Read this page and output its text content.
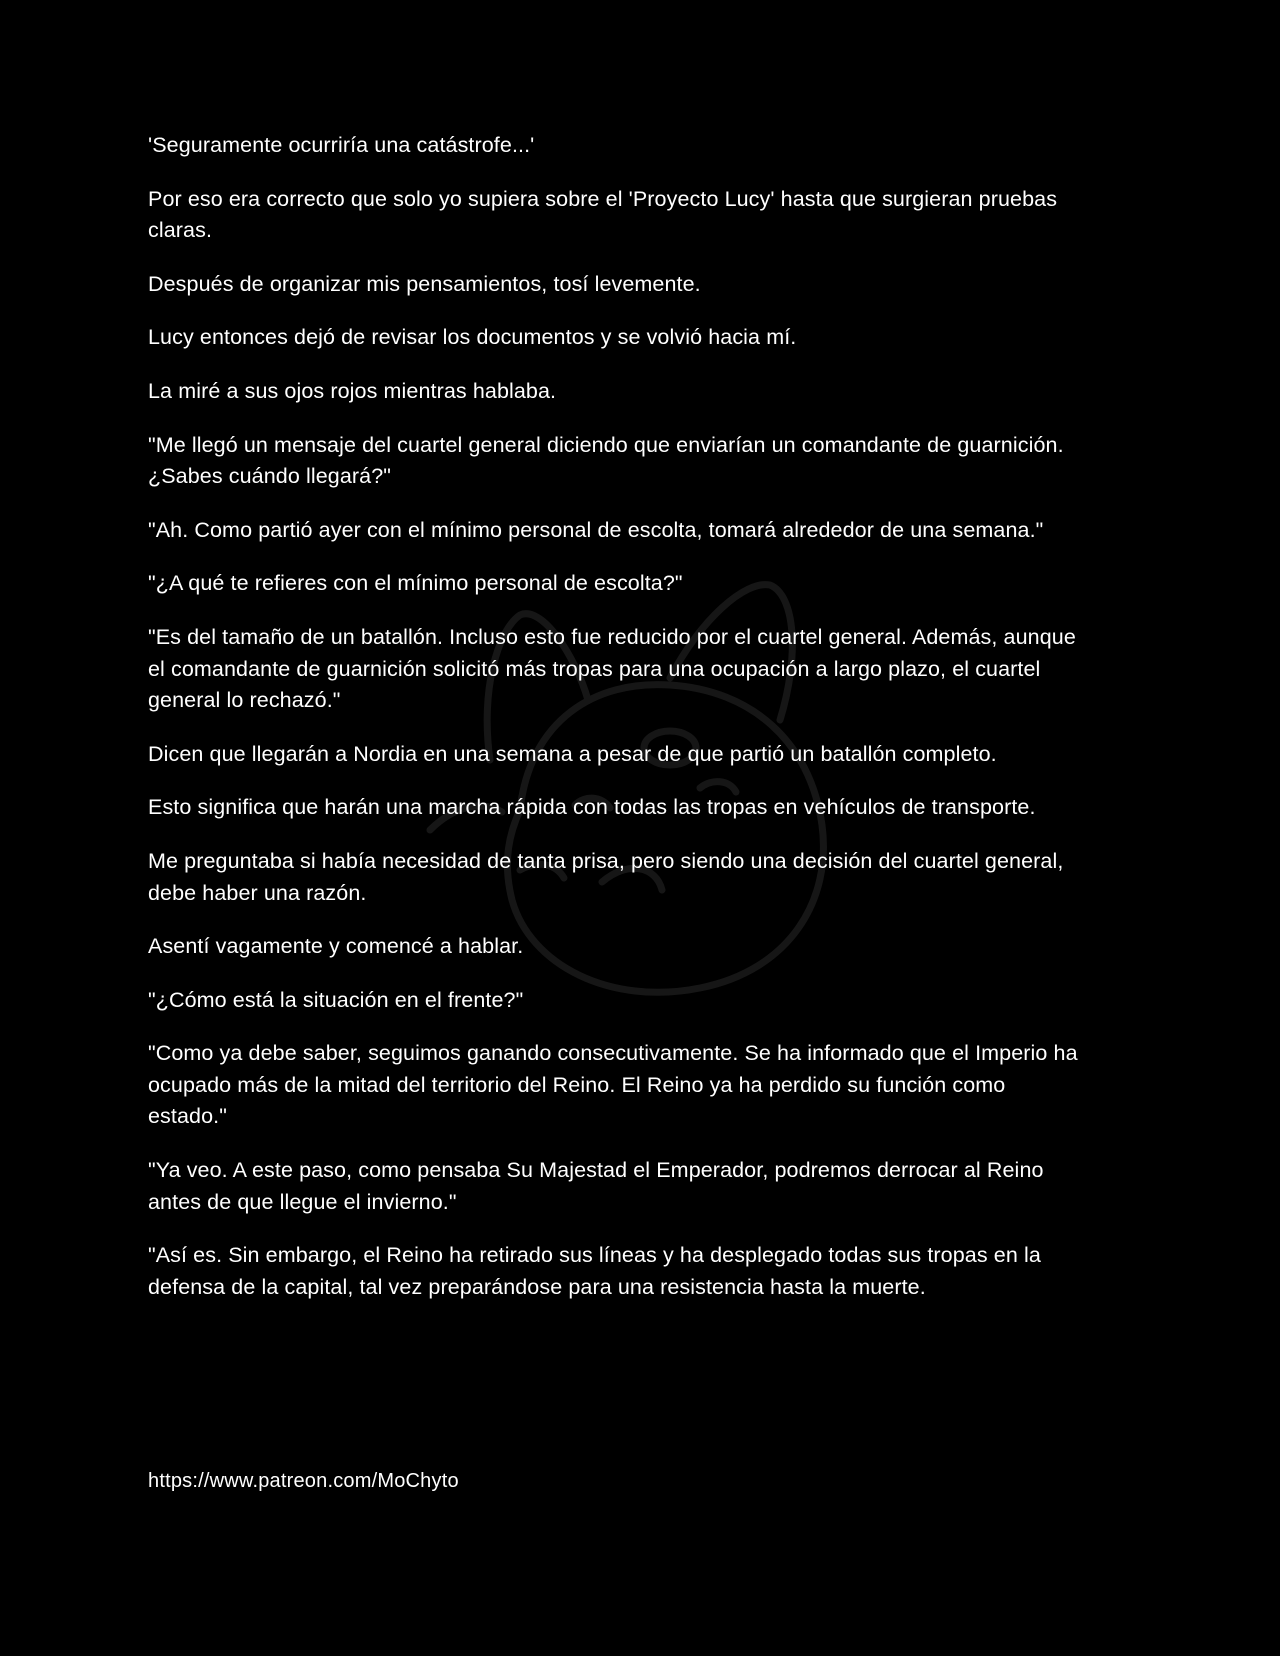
'Seguramente ocurriría una catástrofe...'

Por eso era correcto que solo yo supiera sobre el 'Proyecto Lucy' hasta que surgieran pruebas claras.

Después de organizar mis pensamientos, tosí levemente.

Lucy entonces dejó de revisar los documentos y se volvió hacia mí.

La miré a sus ojos rojos mientras hablaba.

"Me llegó un mensaje del cuartel general diciendo que enviarían un comandante de guarnición. ¿Sabes cuándo llegará?"

"Ah. Como partió ayer con el mínimo personal de escolta, tomará alrededor de una semana."

"¿A qué te refieres con el mínimo personal de escolta?"

"Es del tamaño de un batallón. Incluso esto fue reducido por el cuartel general. Además, aunque el comandante de guarnición solicitó más tropas para una ocupación a largo plazo, el cuartel general lo rechazó."

Dicen que llegarán a Nordia en una semana a pesar de que partió un batallón completo.

Esto significa que harán una marcha rápida con todas las tropas en vehículos de transporte.

Me preguntaba si había necesidad de tanta prisa, pero siendo una decisión del cuartel general, debe haber una razón.

Asentí vagamente y comencé a hablar.

"¿Cómo está la situación en el frente?"

"Como ya debe saber, seguimos ganando consecutivamente. Se ha informado que el Imperio ha ocupado más de la mitad del territorio del Reino. El Reino ya ha perdido su función como estado."

"Ya veo. A este paso, como pensaba Su Majestad el Emperador, podremos derrocar al Reino antes de que llegue el invierno."

"Así es. Sin embargo, el Reino ha retirado sus líneas y ha desplegado todas sus tropas en la defensa de la capital, tal vez preparándose para una resistencia hasta la muerte.

https://www.patreon.com/MoChyto
